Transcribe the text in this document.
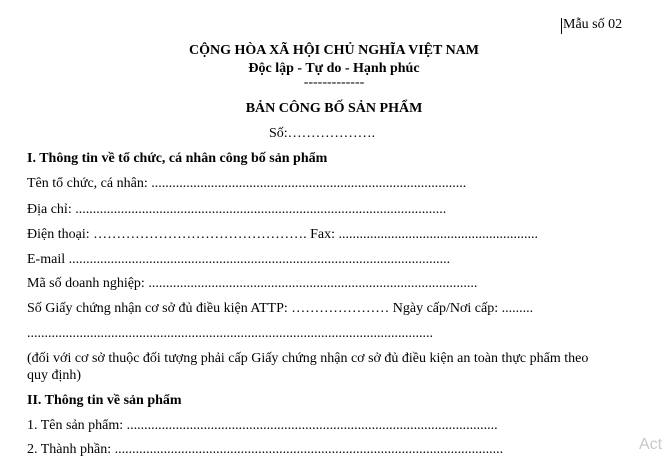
Mẫu số 02
CỘNG HÒA XÃ HỘI CHỦ NGHĨA VIỆT NAM
Độc lập - Tự do - Hạnh phúc
-------------
BẢN CÔNG BỐ SẢN PHẨM
Số:……………….
I. Thông tin về tổ chức, cá nhân công bố sản phẩm
Tên tổ chức, cá nhân: ..........................................................................................
Địa chỉ: ..........................................................................................................
Điện thoại: ………………………………………. Fax: .........................................................
E-mail .............................................................................................................
Mã số doanh nghiệp: ..............................................................................................
Số Giấy chứng nhận cơ sở đủ điều kiện ATTP: ………………… Ngày cấp/Nơi cấp: .........
....................................................................................................................
(đối với cơ sở thuộc đối tượng phải cấp Giấy chứng nhận cơ sở đủ điều kiện an toàn thực phẩm theo
quy định)
II. Thông tin về sản phẩm
1. Tên sản phẩm: ..........................................................................................................
2. Thành phần: ...............................................................................................................	Act
